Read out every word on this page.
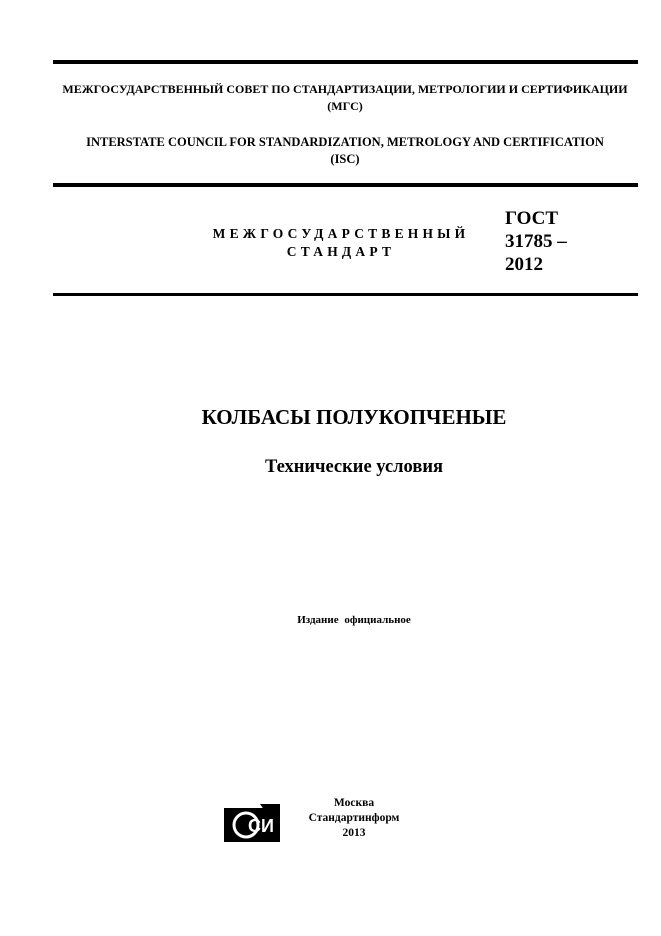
МЕЖГОСУДАРСТВЕННЫЙ СОВЕТ ПО СТАНДАРТИЗАЦИИ, МЕТРОЛОГИИ И СЕРТИФИКАЦИИ
(МГС)
INTERSTATE COUNCIL FOR STANDARDIZATION, METROLOGY AND CERTIFICATION
(ISC)
МЕЖГОСУДАРСТВЕННЫЙ
СТАНДАРТ
ГОСТ
31785 –
2012
КОЛБАСЫ ПОЛУКОПЧЕНЫЕ
Технические условия
Издание официальное
СИ
Москва
Стандартинформ
2013
